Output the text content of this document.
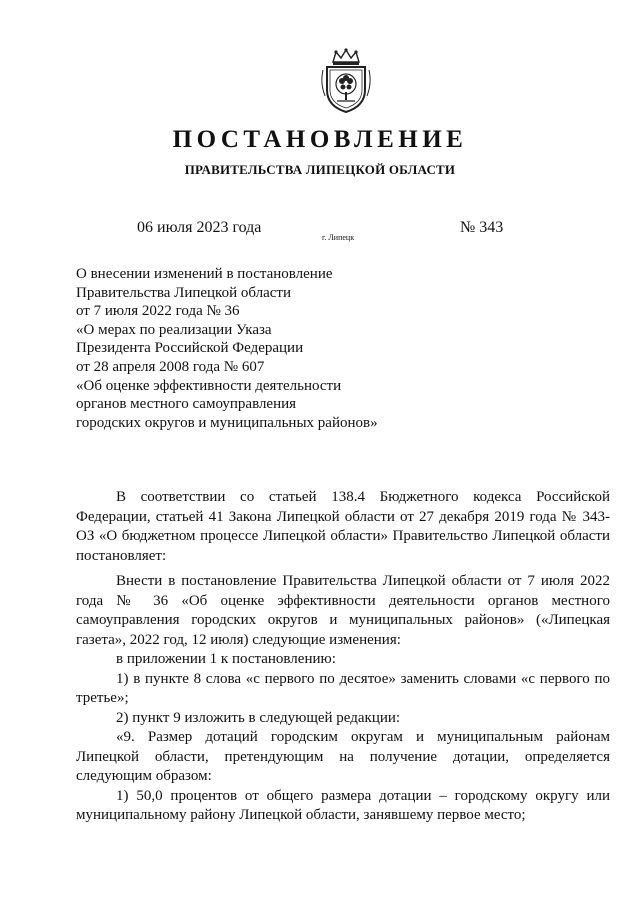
ПОСТАНОВЛЕНИЕ
ПРАВИТЕЛЬСТВА ЛИПЕЦКОЙ ОБЛАСТИ
06 июля 2023 года
г. Липецк
№ 343
О внесении изменений в постановление
Правительства Липецкой области
от 7 июля 2022 года № 36
«О мерах по реализации Указа
Президента Российской Федерации
от 28 апреля 2008 года № 607
«Об оценке эффективности деятельности
органов местного самоуправления
городских округов и муниципальных районов»

В соответствии со статьей 138.4 Бюджетного кодекса Российской Федерации, статьей 41 Закона Липецкой области от 27 декабря 2019 года № 343-ОЗ «О бюджетном процессе Липецкой области» Правительство Липецкой области постановляет:

Внести в постановление Правительства Липецкой области от 7 июля 2022 года № 36 «Об оценке эффективности деятельности органов местного самоуправления городских округов и муниципальных районов» («Липецкая газета», 2022 год, 12 июля) следующие изменения:

в приложении 1 к постановлению:

1) в пункте 8 слова «с первого по десятое» заменить словами «с первого по третье»;

2) пункт 9 изложить в следующей редакции:

«9. Размер дотаций городским округам и муниципальным районам Липецкой области, претендующим на получение дотации, определяется следующим образом:

1) 50,0 процентов от общего размера дотации – городскому округу или муниципальному району Липецкой области, занявшему первое место;
